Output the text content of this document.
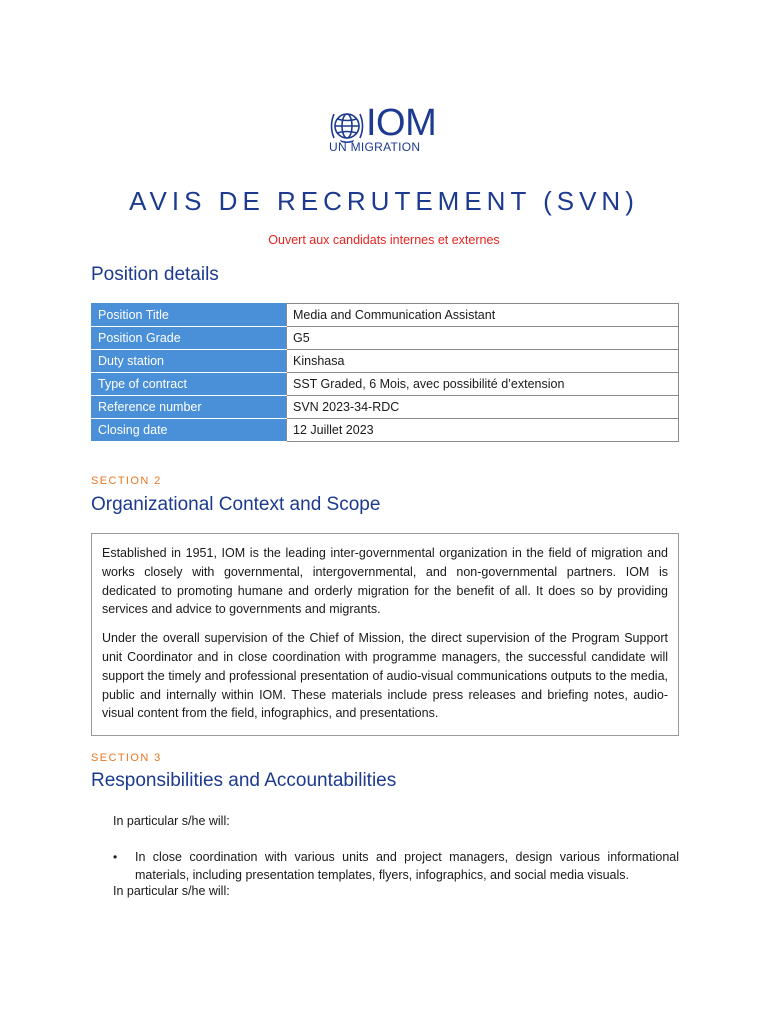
IOM
UN MIGRATION
AVIS DE RECRUTEMENT (SVN)
Ouvert aux candidats internes et externes
Position details
Position Title	Media and Communication Assistant
Position Grade	G5
Duty station	Kinshasa
Type of contract	SST Graded, 6 Mois, avec possibilité d’extension
Reference number	SVN 2023-34-RDC
Closing date	12 Juillet 2023
SECTION 2
Organizational Context and Scope

Established in 1951, IOM is the leading inter-governmental organization in the field of migration and works closely with governmental, intergovernmental, and non-governmental partners. IOM is dedicated to promoting humane and orderly migration for the benefit of all. It does so by providing services and advice to governments and migrants.

Under the overall supervision of the Chief of Mission, the direct supervision of the Program Support unit Coordinator and in close coordination with programme managers, the successful candidate will support the timely and professional presentation of audio-visual communications outputs to the media, public and internally within IOM. These materials include press releases and briefing notes, audio-visual content from the field, infographics, and presentations.

SECTION 3
Responsibilities and Accountabilities
In particular s/he will:
• In close coordination with various units and project managers, design various informational materials, including presentation templates, flyers, infographics, and social media visuals.
In particular s/he will:
